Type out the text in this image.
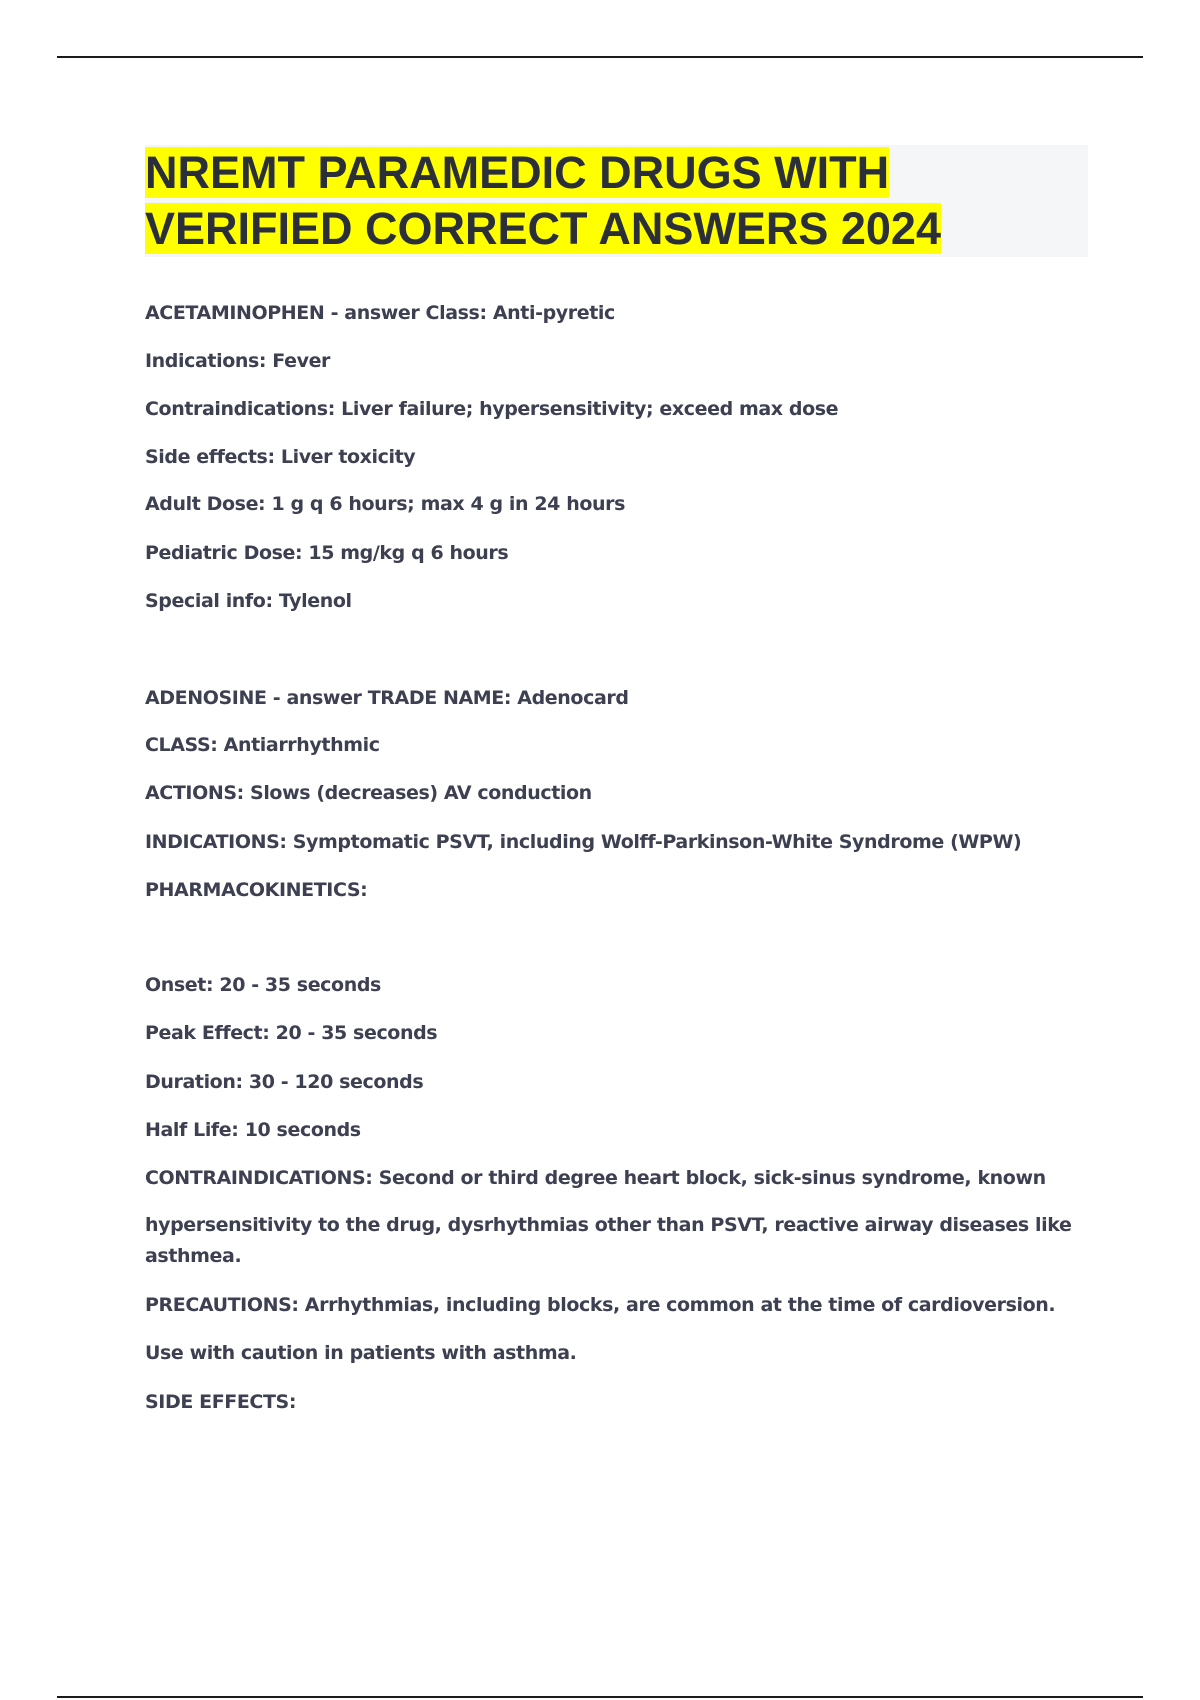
NREMT PARAMEDIC DRUGS WITH
VERIFIED CORRECT ANSWERS 2024
ACETAMINOPHEN - answer Class: Anti-pyretic
Indications: Fever
Contraindications: Liver failure; hypersensitivity; exceed max dose
Side effects: Liver toxicity
Adult Dose: 1 g q 6 hours; max 4 g in 24 hours
Pediatric Dose: 15 mg/kg q 6 hours
Special info: Tylenol
ADENOSINE - answer TRADE NAME: Adenocard
CLASS: Antiarrhythmic
ACTIONS: Slows (decreases) AV conduction
INDICATIONS: Symptomatic PSVT, including Wolff-Parkinson-White Syndrome (WPW)
PHARMACOKINETICS:
Onset: 20 - 35 seconds
Peak Effect: 20 - 35 seconds
Duration: 30 - 120 seconds
Half Life: 10 seconds
CONTRAINDICATIONS: Second or third degree heart block, sick-sinus syndrome, known
hypersensitivity to the drug, dysrhythmias other than PSVT, reactive airway diseases like
asthmea.
PRECAUTIONS: Arrhythmias, including blocks, are common at the time of cardioversion.
Use with caution in patients with asthma.
SIDE EFFECTS:
